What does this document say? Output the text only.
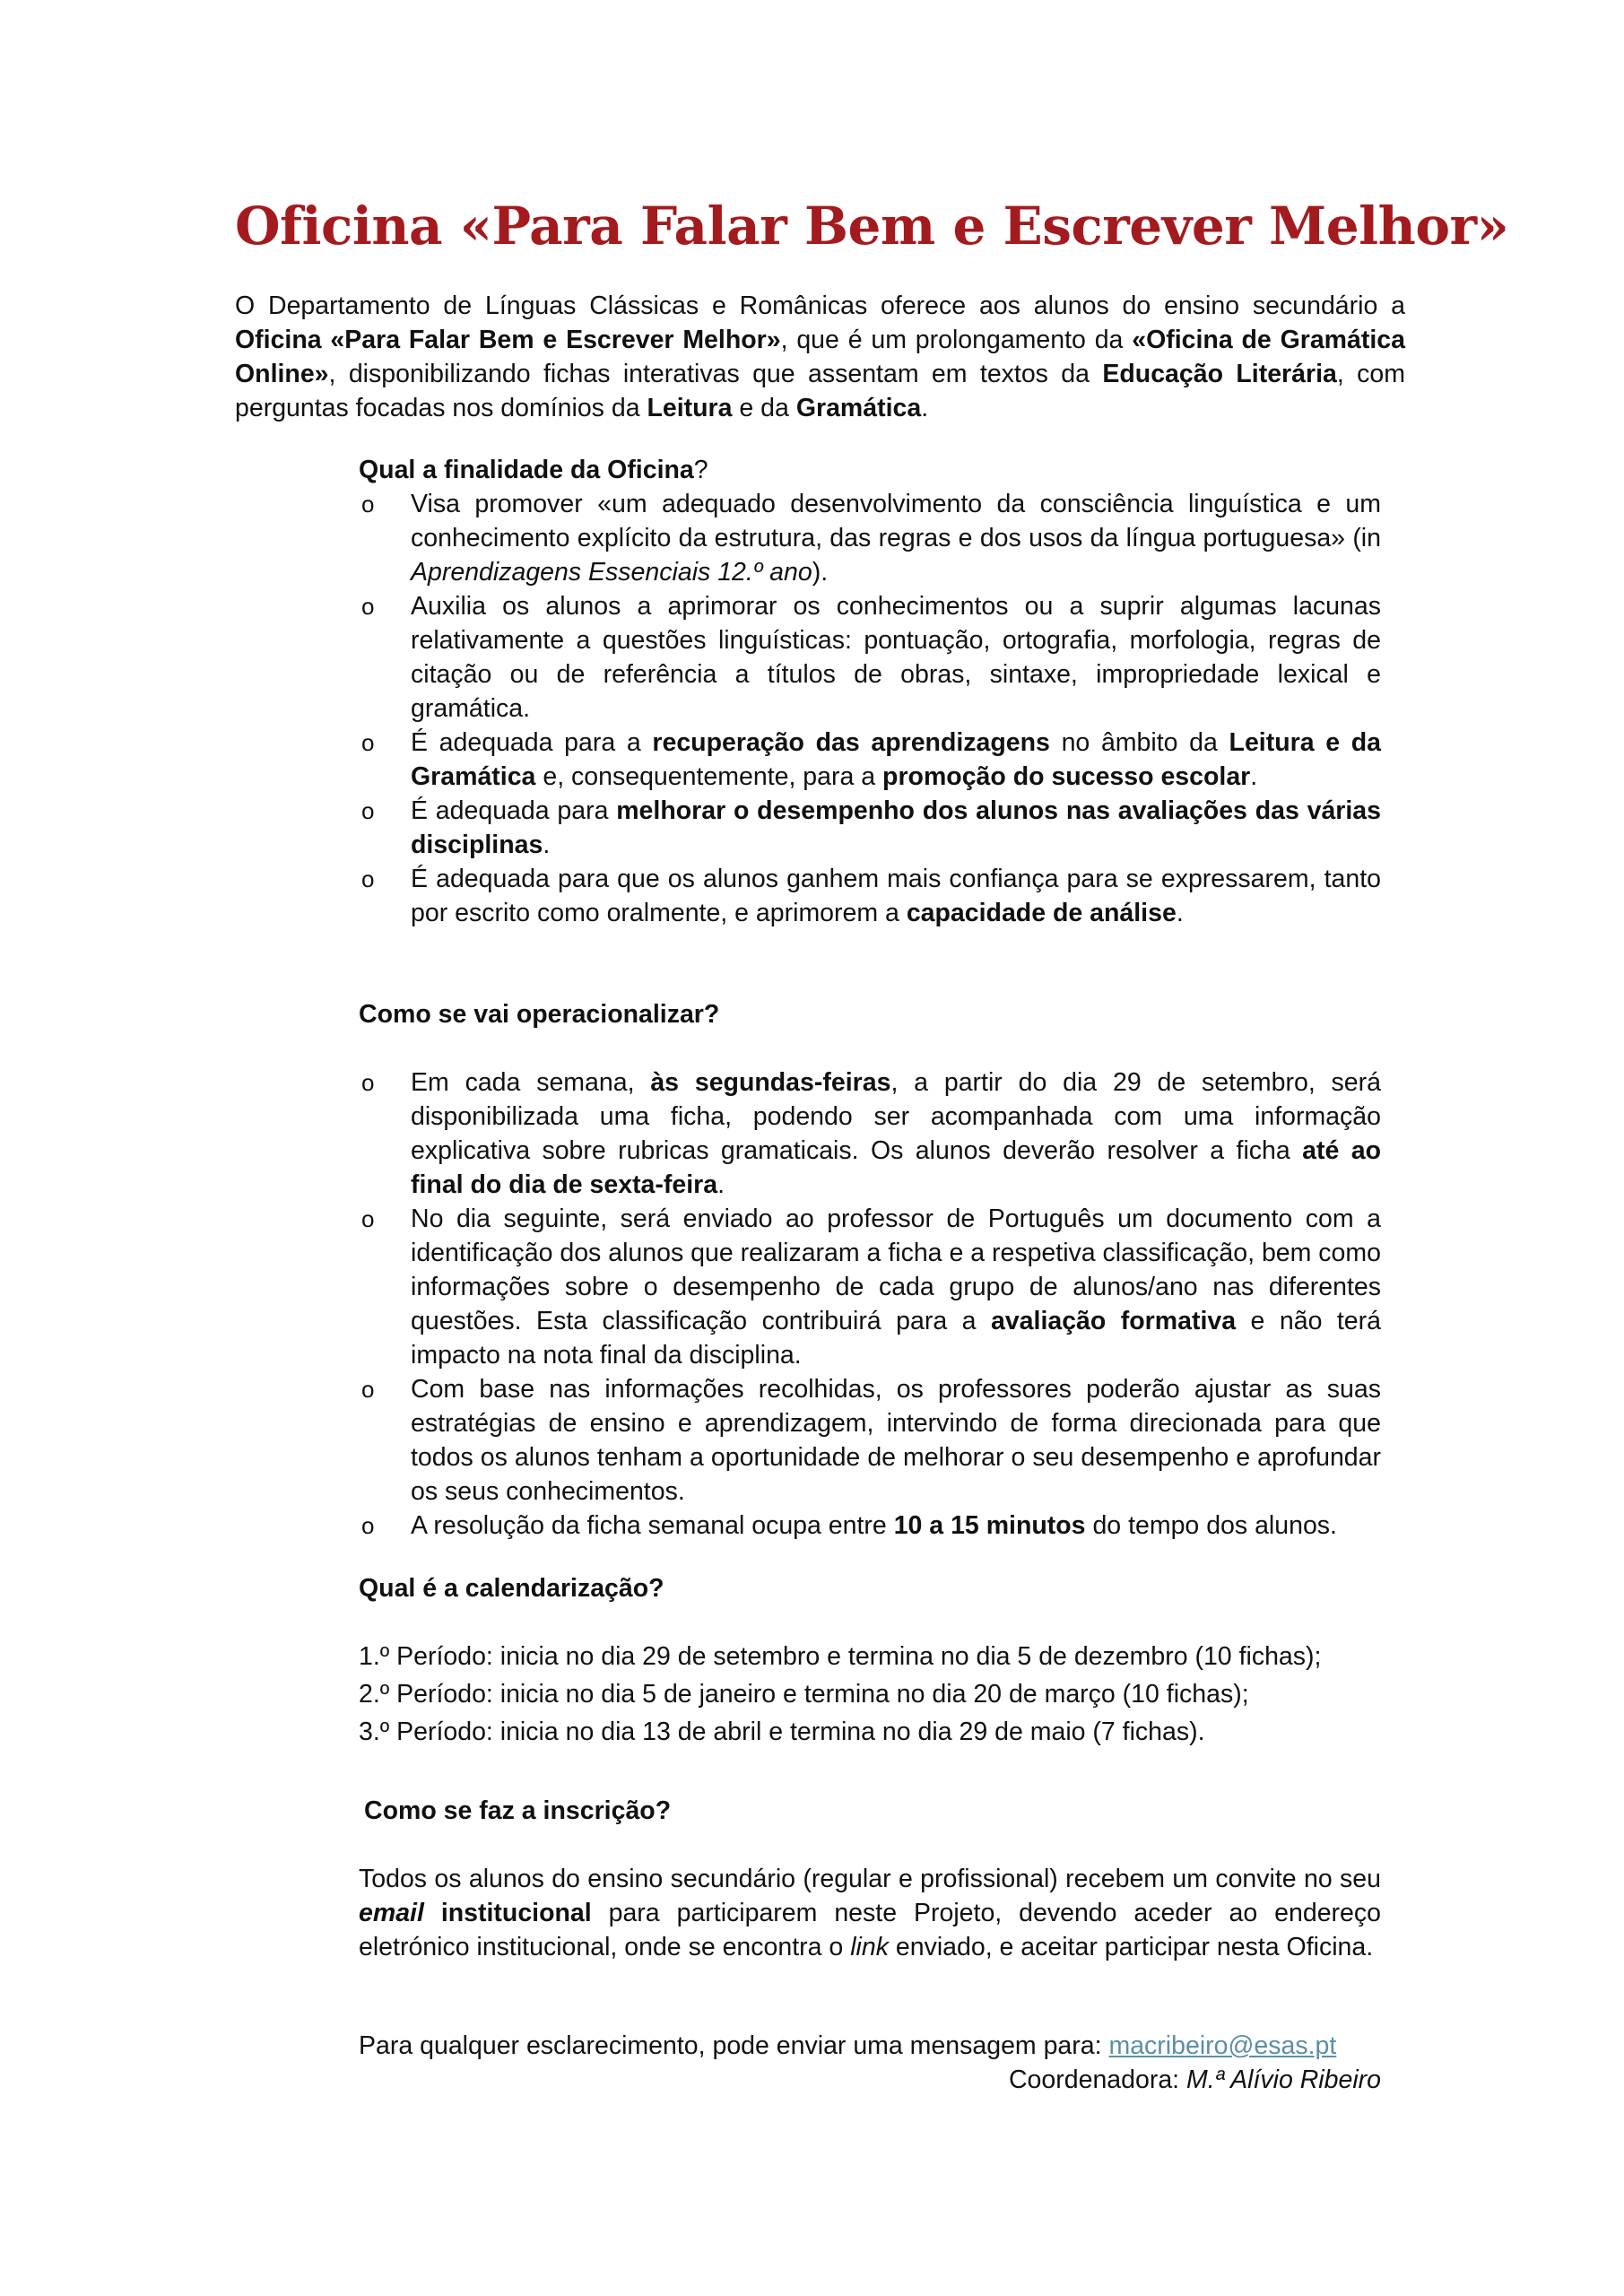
Oficina «Para Falar Bem e Escrever Melhor»

O Departamento de Línguas Clássicas e Românicas oferece aos alunos do ensino secundário a Oficina «Para Falar Bem e Escrever Melhor», que é um prolongamento da «Oficina de Gramática Online», disponibilizando fichas interativas que assentam em textos da Educação Literária, com perguntas focadas nos domínios da Leitura e da Gramática.

Qual a finalidade da Oficina?
o Visa promover «um adequado desenvolvimento da consciência linguística e um conhecimento explícito da estrutura, das regras e dos usos da língua portuguesa» (in Aprendizagens Essenciais 12.º ano).
o Auxilia os alunos a aprimorar os conhecimentos ou a suprir algumas lacunas relativamente a questões linguísticas: pontuação, ortografia, morfologia, regras de citação ou de referência a títulos de obras, sintaxe, impropriedade lexical e gramática.
o É adequada para a recuperação das aprendizagens no âmbito da Leitura e da Gramática e, consequentemente, para a promoção do sucesso escolar.
o É adequada para melhorar o desempenho dos alunos nas avaliações das várias disciplinas.
o É adequada para que os alunos ganhem mais confiança para se expressarem, tanto por escrito como oralmente, e aprimorem a capacidade de análise.
Como se vai operacionalizar?
o Em cada semana, às segundas-feiras, a partir do dia 29 de setembro, será disponibilizada uma ficha, podendo ser acompanhada com uma informação explicativa sobre rubricas gramaticais. Os alunos deverão resolver a ficha até ao final do dia de sexta-feira.
o No dia seguinte, será enviado ao professor de Português um documento com a identificação dos alunos que realizaram a ficha e a respetiva classificação, bem como informações sobre o desempenho de cada grupo de alunos/ano nas diferentes questões. Esta classificação contribuirá para a avaliação formativa e não terá impacto na nota final da disciplina.
o Com base nas informações recolhidas, os professores poderão ajustar as suas estratégias de ensino e aprendizagem, intervindo de forma direcionada para que todos os alunos tenham a oportunidade de melhorar o seu desempenho e aprofundar os seus conhecimentos.
o A resolução da ficha semanal ocupa entre 10 a 15 minutos do tempo dos alunos.
Qual é a calendarização?
1.º Período: inicia no dia 29 de setembro e termina no dia 5 de dezembro (10 fichas);
2.º Período: inicia no dia 5 de janeiro e termina no dia 20 de março (10 fichas);
3.º Período: inicia no dia 13 de abril e termina no dia 29 de maio (7 fichas).
Como se faz a inscrição?

Todos os alunos do ensino secundário (regular e profissional) recebem um convite no seu email institucional para participarem neste Projeto, devendo aceder ao endereço eletrónico institucional, onde se encontra o link enviado, e aceitar participar nesta Oficina.

Para qualquer esclarecimento, pode enviar uma mensagem para: macribeiro@esas.pt
Coordenadora: M.ª Alívio Ribeiro
